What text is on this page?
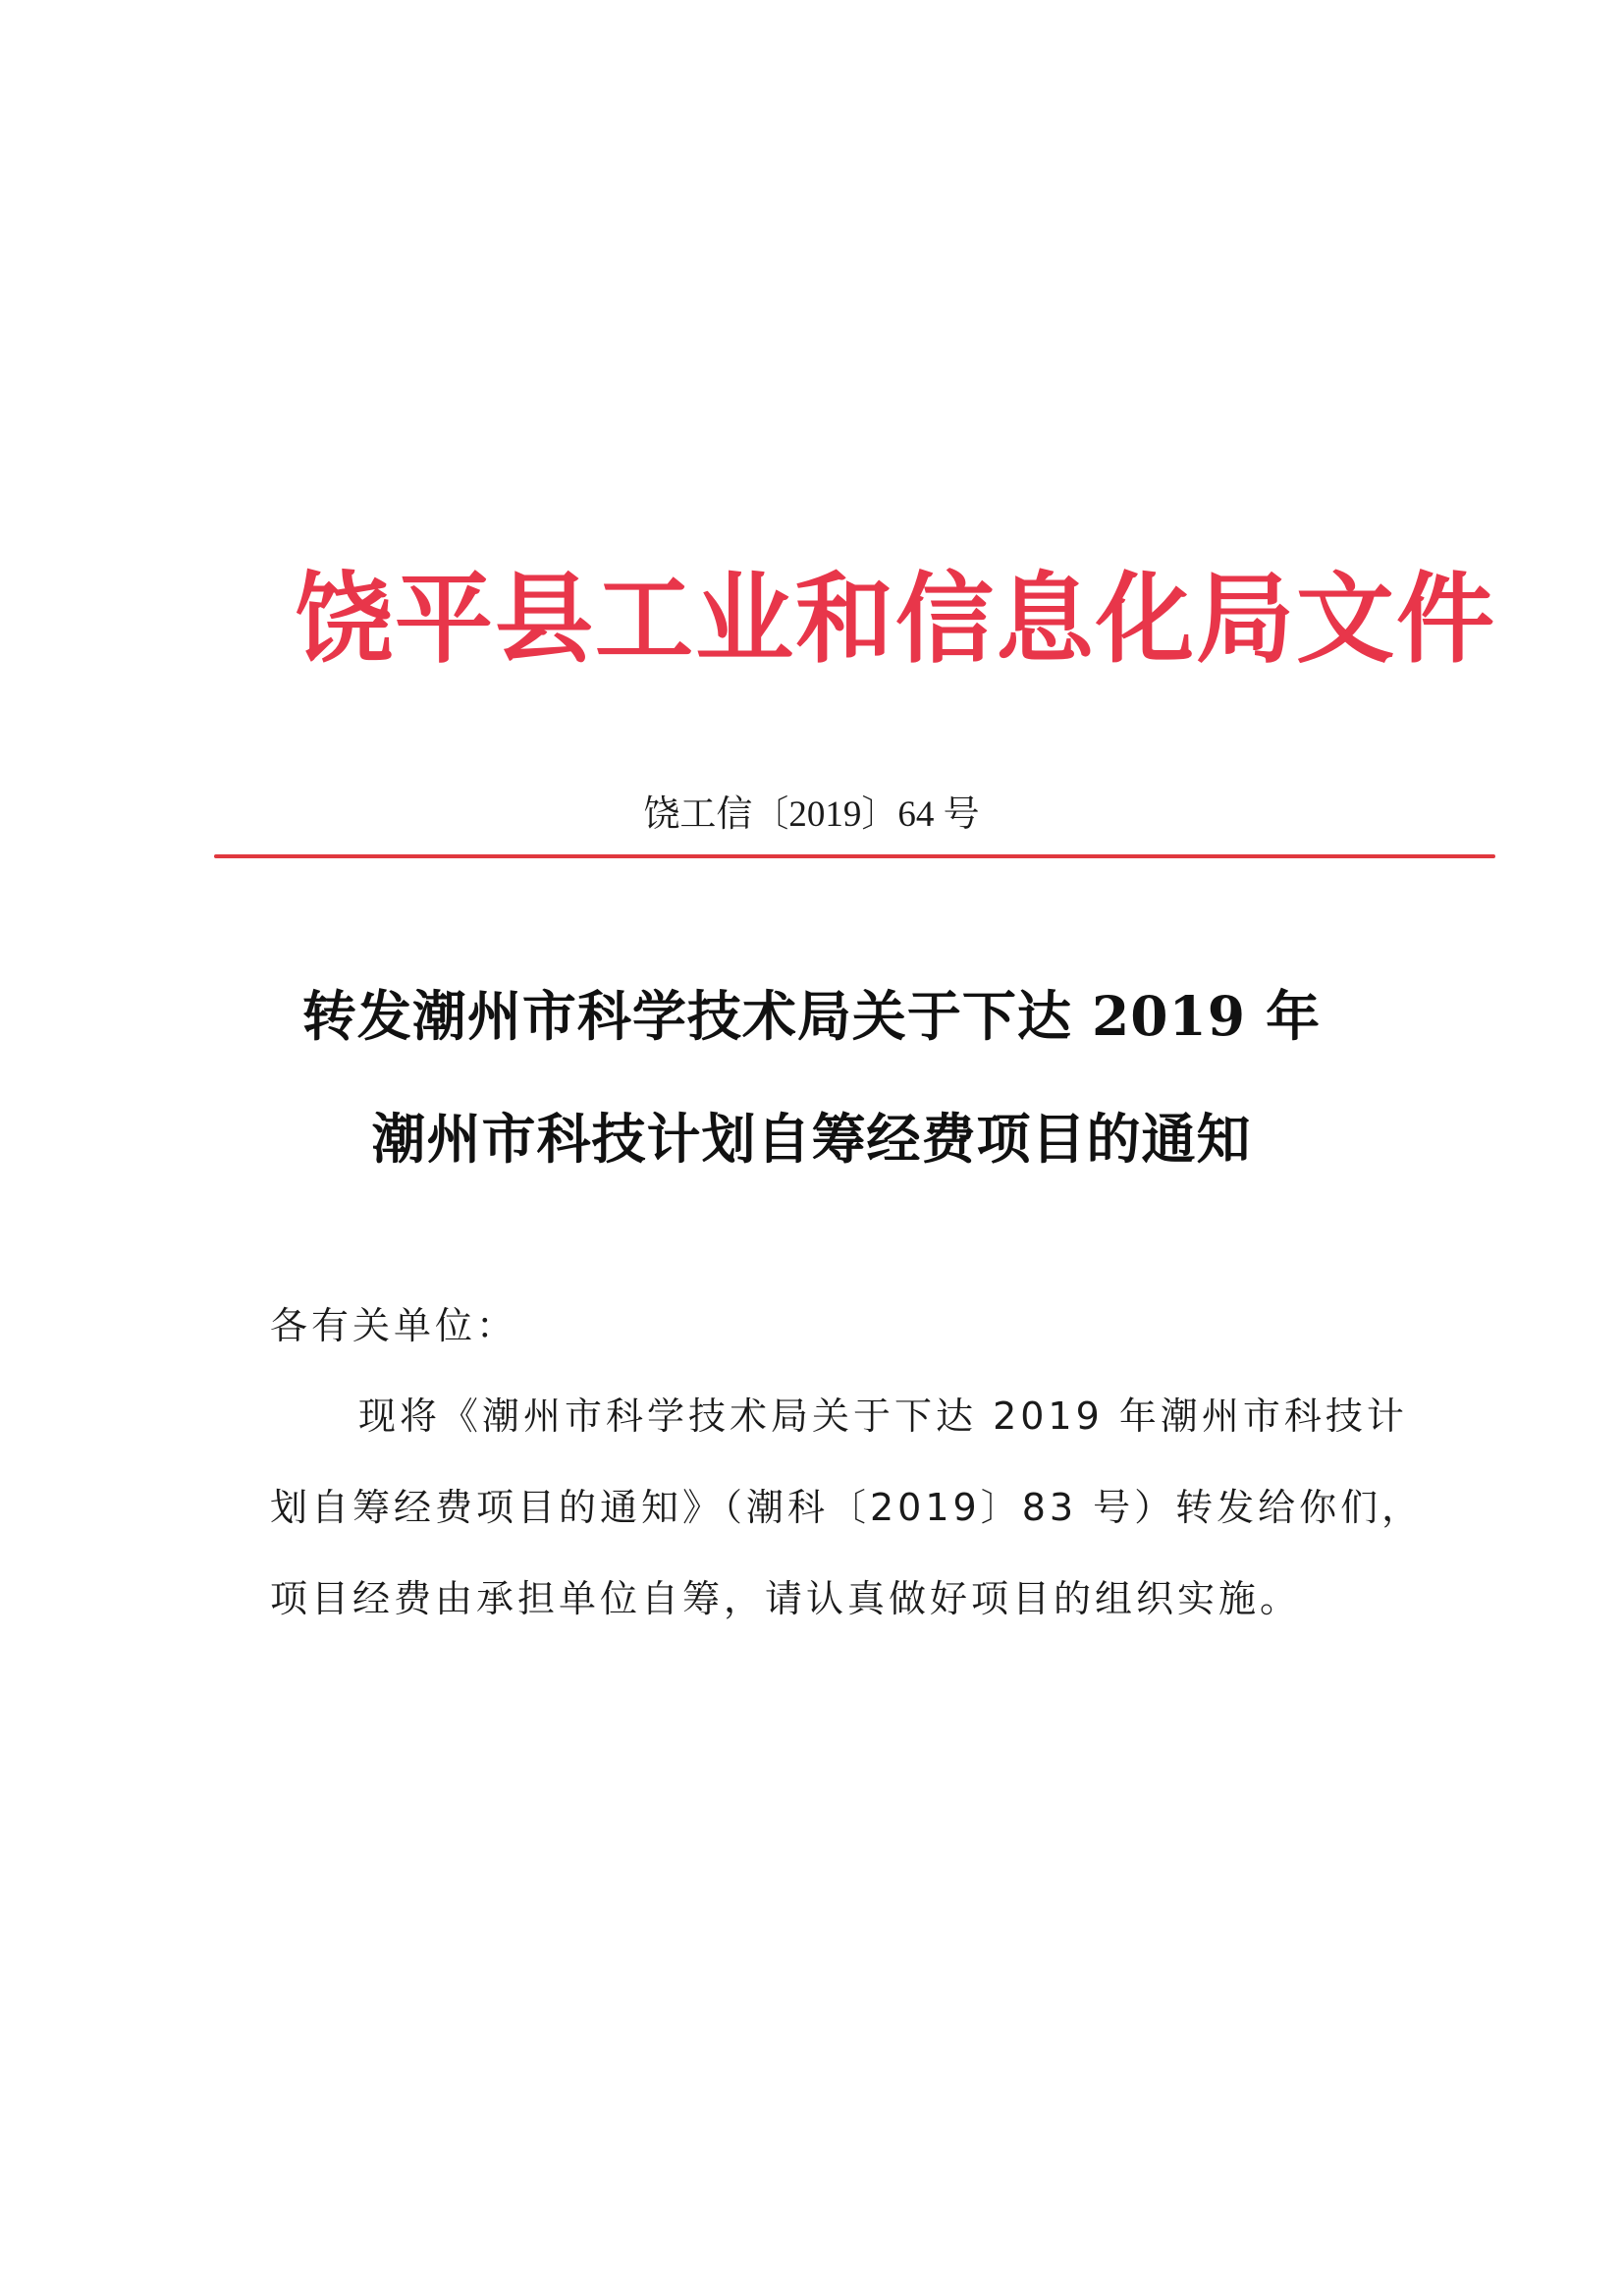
饶平县工业和信息化局文件
饶工信〔2019〕64 号
转发潮州市科学技术局关于下达 2019 年
潮州市科技计划自筹经费项目的通知
各有关单位：
现将《潮州市科学技术局关于下达 2019 年潮州市科技计
划自筹经费项目的通知》（潮科〔2019〕83 号）转发给你们，
项目经费由承担单位自筹，请认真做好项目的组织实施。
